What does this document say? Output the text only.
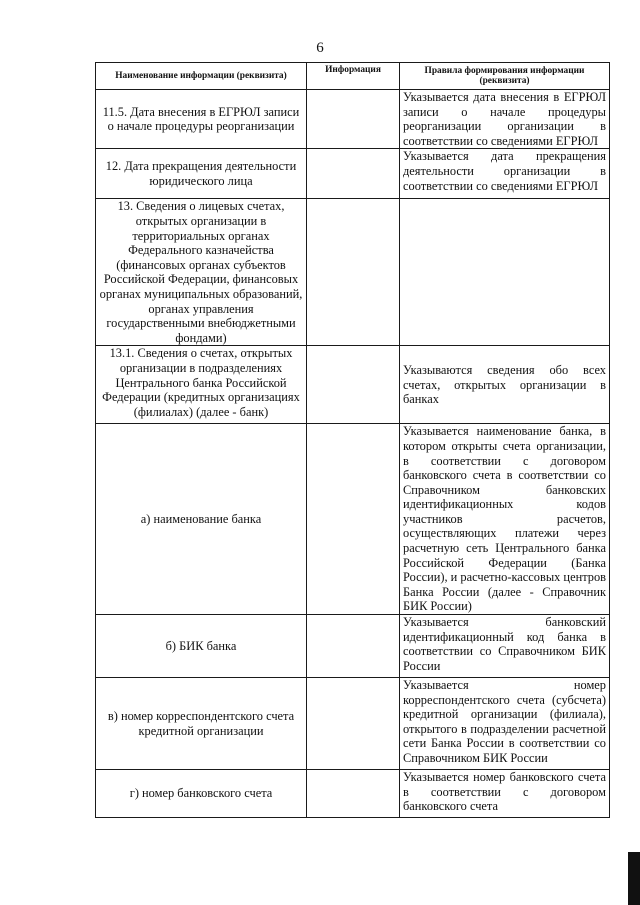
6
Наименование информации (реквизита)	Информация	Правила формирования информации (реквизита)
11.5. Дата внесения в ЕГРЮЛ записи о начале процедуры реорганизации		Указывается дата внесения в ЕГРЮЛ записи о начале процедуры реорганизации организации в соответствии со сведениями ЕГРЮЛ
12. Дата прекращения деятельности юридического лица		Указывается дата прекращения деятельности организации в соответствии со сведениями ЕГРЮЛ
13. Сведения о лицевых счетах, открытых организации в территориальных органах Федерального казначейства (финансовых органах субъектов Российской Федерации, финансовых органах муниципальных образований, органах управления государственными внебюджетными фондами)		
13.1. Сведения о счетах, открытых организации в подразделениях Центрального банка Российской Федерации (кредитных организациях (филиалах) (далее - банк)		Указываются сведения обо всех счетах, открытых организации в банках
а) наименование банка		Указывается наименование банка, в котором открыты счета организации, в соответствии с договором банковского счета в соответствии со Справочником банковских идентификационных кодов участников расчетов, осуществляющих платежи через расчетную сеть Центрального банка Российской Федерации (Банка России), и расчетно-кассовых центров Банка России (далее - Справочник БИК России)
б) БИК банка		Указывается банковский идентификационный код банка в соответствии со Справочником БИК России
в) номер корреспондентского счета кредитной организации		Указывается номер корреспондентского счета (субсчета) кредитной организации (филиала), открытого в подразделении расчетной сети Банка России в соответствии со Справочником БИК России
г) номер банковского счета		Указывается номер банковского счета в соответствии с договором банковского счета
